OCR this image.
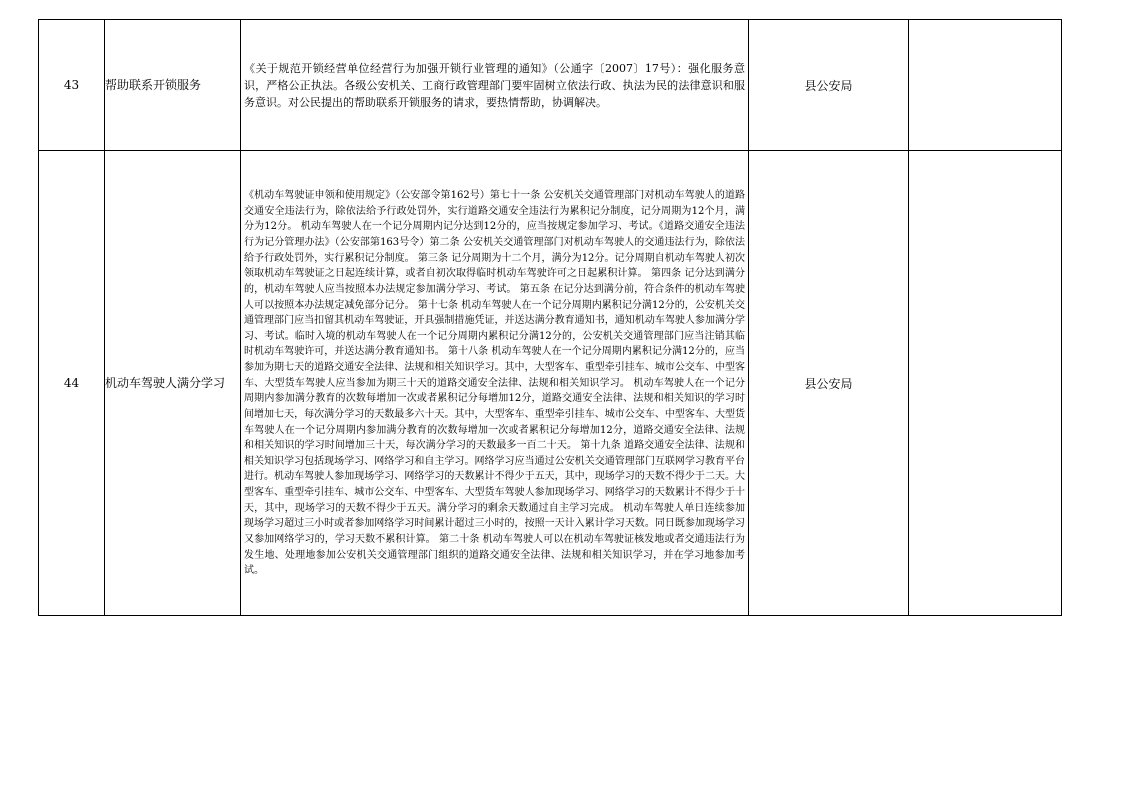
43	帮助联系开锁服务	《关于规范开锁经营单位经营行为加强开锁行业管理的通知》（公通字〔2007〕17号）：强化服务意识，严格公正执法。各级公安机关、工商行政管理部门要牢固树立依法行政、执法为民的法律意识和服务意识。对公民提出的帮助联系开锁服务的请求，要热情帮助，协调解决。	县公安局	
44	机动车驾驶人满分学习	《机动车驾驶证申领和使用规定》（公安部令第162号）第七十一条 公安机关交通管理部门对机动车驾驶人的道路交通安全违法行为，除依法给予行政处罚外，实行道路交通安全违法行为累积记分制度，记分周期为12个月，满分为12分。 机动车驾驶人在一个记分周期内记分达到12分的，应当按规定参加学习、考试。《道路交通安全违法行为记分管理办法》（公安部第163号令）第二条 公安机关交通管理部门对机动车驾驶人的交通违法行为，除依法给予行政处罚外，实行累积记分制度。 第三条 记分周期为十二个月，满分为12分。记分周期自机动车驾驶人初次领取机动车驾驶证之日起连续计算，或者自初次取得临时机动车驾驶许可之日起累积计算。 第四条 记分达到满分的，机动车驾驶人应当按照本办法规定参加满分学习、考试。 第五条 在记分达到满分前，符合条件的机动车驾驶人可以按照本办法规定减免部分记分。 第十七条 机动车驾驶人在一个记分周期内累积记分满12分的，公安机关交通管理部门应当扣留其机动车驾驶证，开具强制措施凭证，并送达满分教育通知书，通知机动车驾驶人参加满分学习、考试。临时入境的机动车驾驶人在一个记分周期内累积记分满12分的，公安机关交通管理部门应当注销其临时机动车驾驶许可，并送达满分教育通知书。 第十八条 机动车驾驶人在一个记分周期内累积记分满12分的，应当参加为期七天的道路交通安全法律、法规和相关知识学习。其中，大型客车、重型牵引挂车、城市公交车、中型客车、大型货车驾驶人应当参加为期三十天的道路交通安全法律、法规和相关知识学习。 机动车驾驶人在一个记分周期内参加满分教育的次数每增加一次或者累积记分每增加12分，道路交通安全法律、法规和相关知识的学习时间增加七天，每次满分学习的天数最多六十天。其中，大型客车、重型牵引挂车、城市公交车、中型客车、大型货车驾驶人在一个记分周期内参加满分教育的次数每增加一次或者累积记分每增加12分，道路交通安全法律、法规和相关知识的学习时间增加三十天，每次满分学习的天数最多一百二十天。 第十九条 道路交通安全法律、法规和相关知识学习包括现场学习、网络学习和自主学习。网络学习应当通过公安机关交通管理部门互联网学习教育平台进行。机动车驾驶人参加现场学习、网络学习的天数累计不得少于五天，其中，现场学习的天数不得少于二天。大型客车、重型牵引挂车、城市公交车、中型客车、大型货车驾驶人参加现场学习、网络学习的天数累计不得少于十天，其中，现场学习的天数不得少于五天。满分学习的剩余天数通过自主学习完成。 机动车驾驶人单日连续参加现场学习超过三小时或者参加网络学习时间累计超过三小时的，按照一天计入累计学习天数。同日既参加现场学习又参加网络学习的，学习天数不累积计算。 第二十条 机动车驾驶人可以在机动车驾驶证核发地或者交通违法行为发生地、处理地参加公安机关交通管理部门组织的道路交通安全法律、法规和相关知识学习，并在学习地参加考试。	县公安局	
